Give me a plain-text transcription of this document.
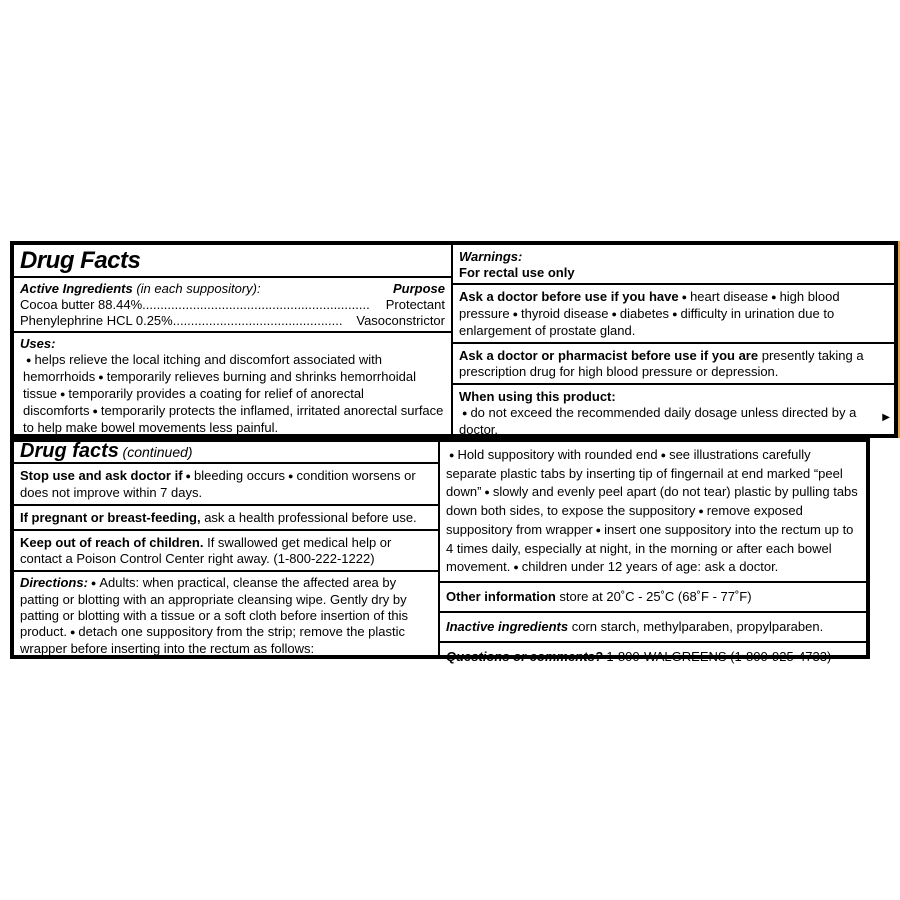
Drug Facts
Active Ingredients (in each suppository):	Purpose
Cocoa butter 88.44% ...............................................................	Protectant
Phenylephrine HCL 0.25% ...............................................	Vasoconstrictor
Uses:

● helps relieve the local itching and discomfort associated with hemorrhoids ● temporarily relieves burning and shrinks hemorrhoidal tissue ● temporarily provides a coating for relief of anorectal discomforts ● temporarily protects the inflamed, irritated anorectal surface to help make bowel movements less painful.

Warnings:
For rectal use only

Ask a doctor before use if you have ● heart disease ● high blood pressure ● thyroid disease ● diabetes ● difficulty in urination due to enlargement of prostate gland.

Ask a doctor or pharmacist before use if you are presently taking a prescription drug for high blood pressure or depression.

When using this product:

● do not exceed the recommended daily dosage unless directed by a doctor.

▶
Drug facts (continued)

Stop use and ask doctor if ● bleeding occurs ● condition worsens or does not improve within 7 days.

If pregnant or breast-feeding, ask a health professional before use.

Keep out of reach of children. If swallowed get medical help or contact a Poison Control Center right away. (1-800-222-1222)

Directions: ● Adults: when practical, cleanse the affected area by patting or blotting with an appropriate cleansing wipe. Gently dry by patting or blotting with a tissue or a soft cloth before insertion of this product. ● detach one suppository from the strip; remove the plastic wrapper before inserting into the rectum as follows:

● Hold suppository with rounded end ● see illustrations carefully separate plastic tabs by inserting tip of fingernail at end marked “peel down” ● slowly and evenly peel apart (do not tear) plastic by pulling tabs down both sides, to expose the suppository ● remove exposed suppository from wrapper ● insert one suppository into the rectum up to 4 times daily, especially at night, in the morning or after each bowel movement. ● children under 12 years of age: ask a doctor.

Other information store at 20˚C - 25˚C (68˚F - 77˚F)

Inactive ingredients corn starch, methylparaben, propylparaben.

Questions or comments? 1-800-WALGREENS (1-800-925-4733)
